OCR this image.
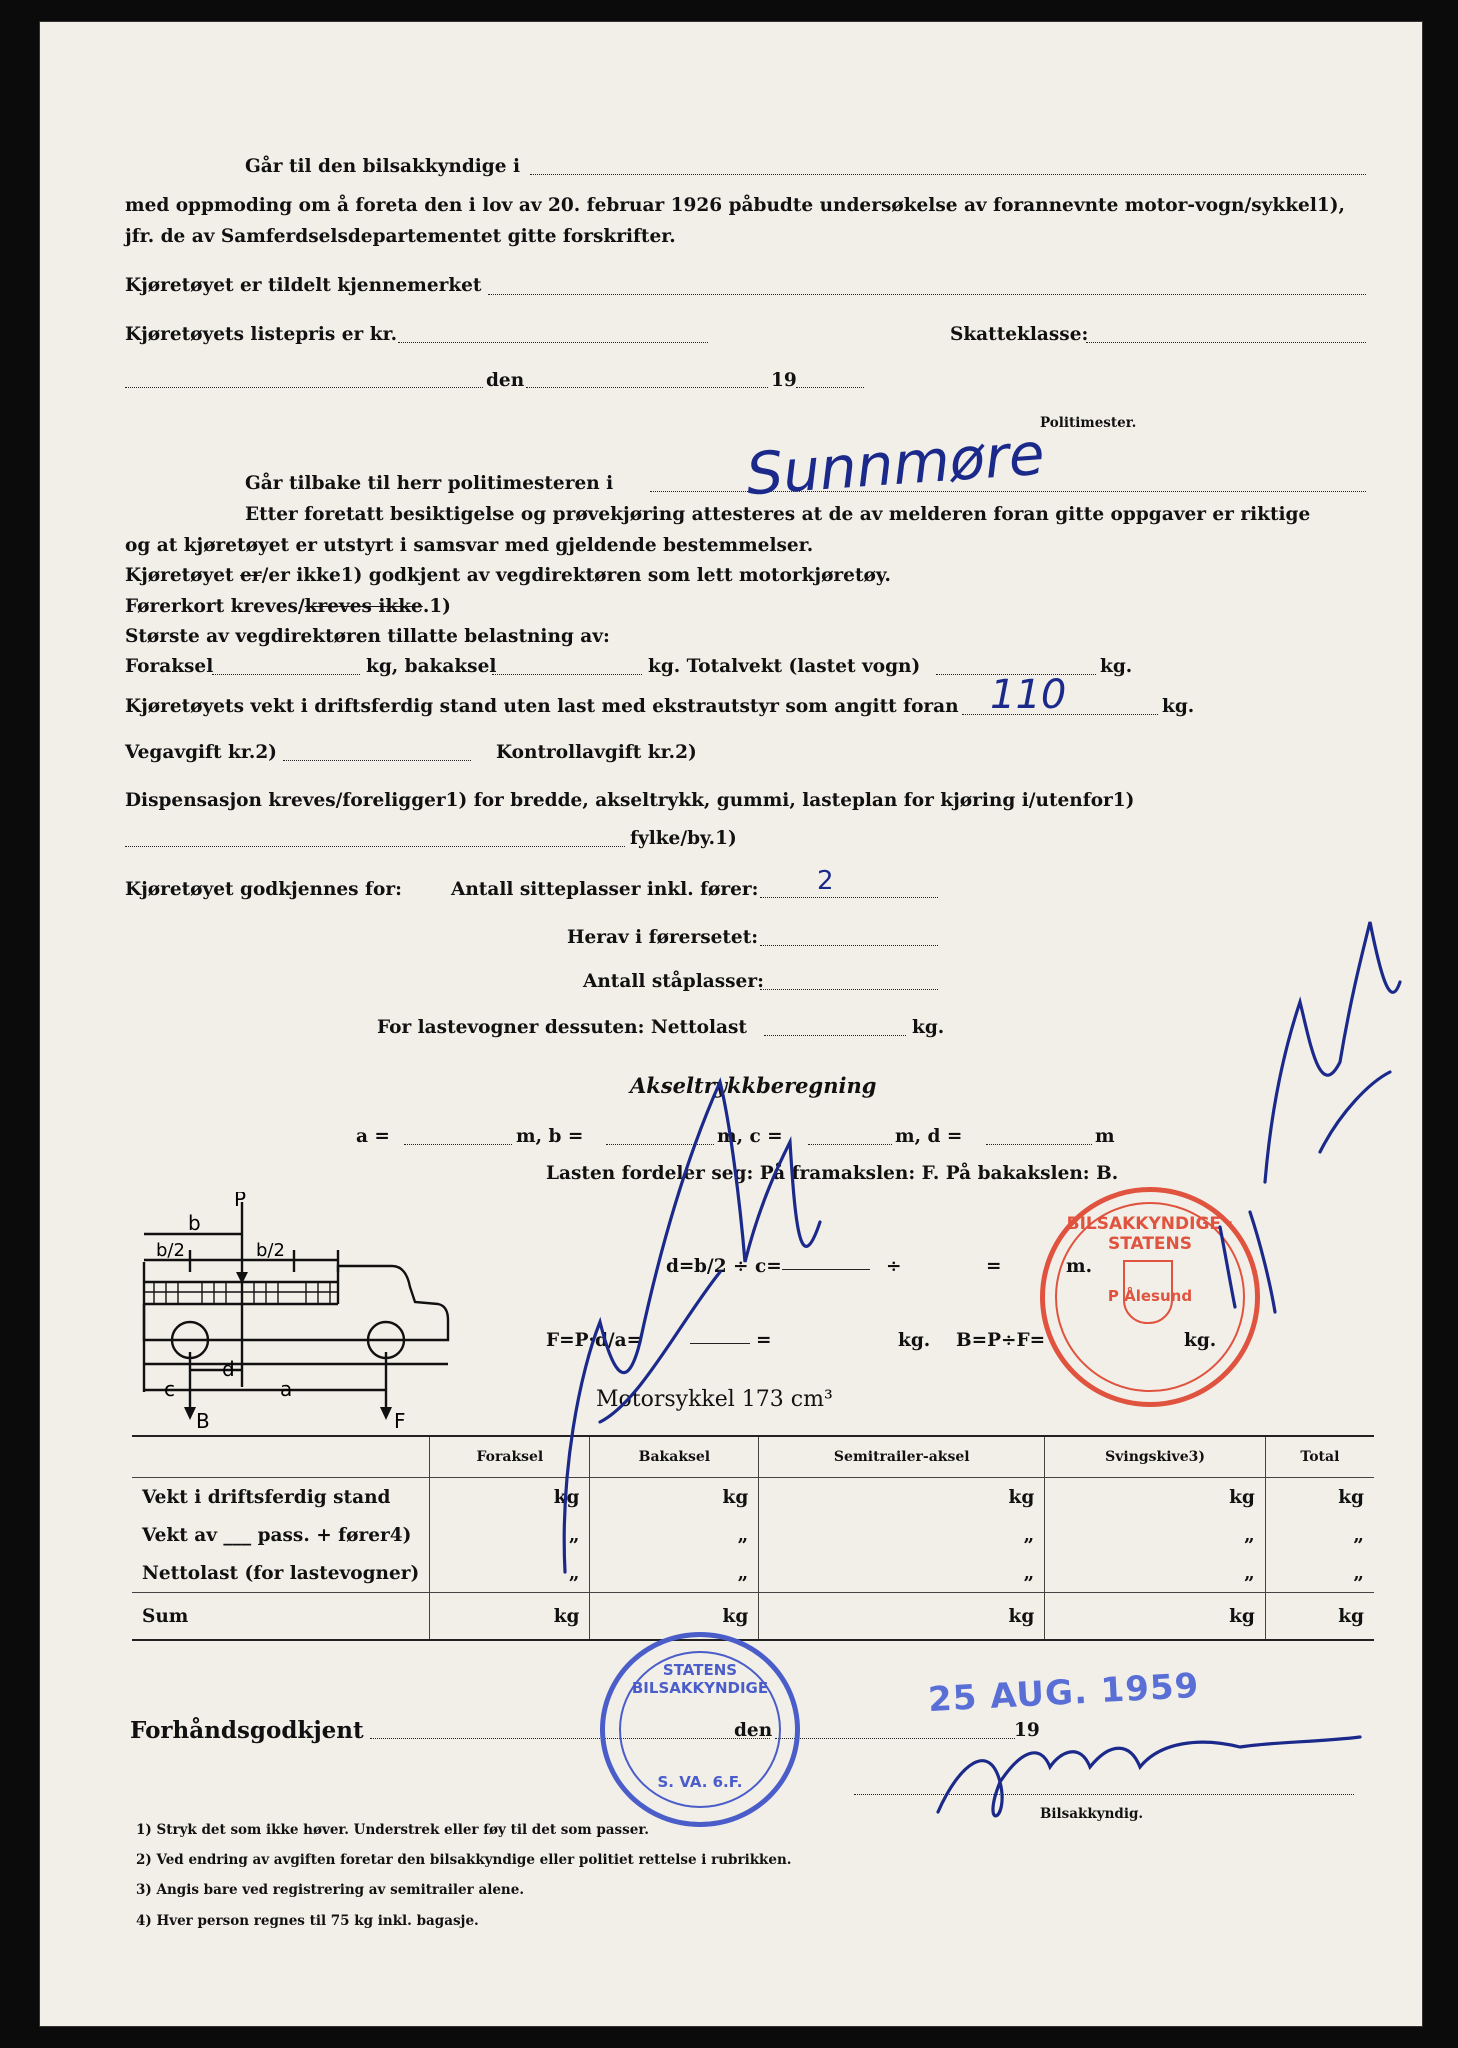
Går til den bilsakkyndige i
med oppmoding om å foreta den i lov av 20. februar 1926 påbudte undersøkelse av forannevnte motor-vogn/sykkel1),
jfr. de av Samferdselsdepartementet gitte forskrifter.
Kjøretøyet er tildelt kjennemerket
Kjøretøyets listepris er kr.	Skatteklasse:
den	19
Politimester.
Går tilbake til herr politimesteren i Sunnmøre
Etter foretatt besiktigelse og prøvekjøring attesteres at de av melderen foran gitte oppgaver er riktige
og at kjøretøyet er utstyrt i samsvar med gjeldende bestemmelser.
Kjøretøyet er/er ikke1) godkjent av vegdirektøren som lett motorkjøretøy.
Førerkort kreves/kreves ikke.1)
Største av vegdirektøren tillatte belastning av:
Foraksel	kg, bakaksel	kg. Totalvekt (lastet vogn)	kg.
Kjøretøyets vekt i driftsferdig stand uten last med ekstrautstyr som angitt foran 110	kg.
Vegavgift kr.2)	Kontrollavgift kr.2)
Dispensasjon kreves/foreligger1) for bredde, akseltrykk, gummi, lasteplan for kjøring i/utenfor1)
fylke/by.1)
Kjøretøyet godkjennes for:	Antall sitteplasser inkl. fører: 2
Herav i førersetet:
Antall ståplasser:
For lastevogner dessuten: Nettolast	kg.
Akseltrykkberegning
a =	m, b =	m, c =	m, d =	m
Lasten fordeler seg: På framakslen: F. På bakakslen: B.
d= b/2 ÷ c=	÷	=	m.
F=P·d/a=	=	kg. B=P÷F=	kg.
Motorsykkel 173 cm³
P
b
b/2	b/2
c
d
a
B	F
	Foraksel	Bakaksel	Semitrailer-aksel	Svingskive3)	Total
Vekt i driftsferdig stand	kg	kg	kg	kg	kg
Vekt av ___ pass. + fører4)	„	„	„	„	„
Nettolast (for lastevogner)	„	„	„	„	„
Sum	kg	kg	kg	kg	kg
Forhåndsgodkjent	den	19
Bilsakkyndig.
1) Stryk det som ikke høver. Understrek eller føy til det som passer.
2) Ved endring av avgiften foretar den bilsakkyndige eller politiet rettelse i rubrikken.
3) Angis bare ved registrering av semitrailer alene.
4) Hver person regnes til 75 kg inkl. bagasje.
BILSAKKYNDIGE · STATENS
P Ålesund
STATENS BILSAKKYNDIGE
S. VA. 6.F.
25 AUG. 1959
